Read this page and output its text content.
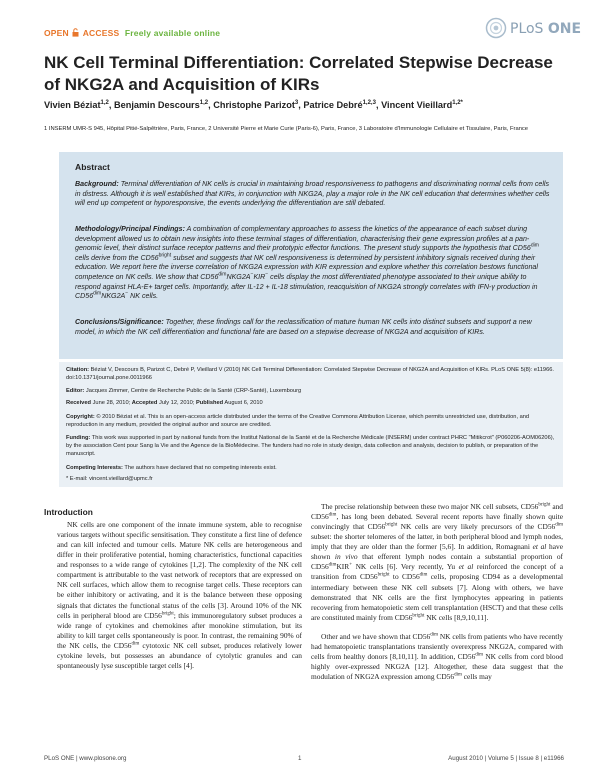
OPEN ACCESS Freely available online	PLoS ONE
NK Cell Terminal Differentiation: Correlated Stepwise Decrease of NKG2A and Acquisition of KIRs
Vivien Béziat$^{1,2}$, Benjamin Descours$^{1,2}$, Christophe Parizot$^3$, Patrice Debré$^{1,2,3}$, Vincent Vieillard$^{1,2*}$
1 INSERM UMR-S 945, Hôpital Pitié-Salpêtrière, Paris, France, 2 Université Pierre et Marie Curie (Paris-6), Paris, France, 3 Laboratoire d'Immunologie Cellulaire et Tissulaire, Paris, France
Abstract

Background: Terminal differentiation of NK cells is crucial in maintaining broad responsiveness to pathogens and discriminating normal cells from cells in distress. Although it is well established that KIRs, in conjunction with NKG2A, play a major role in the NK cell education that determines whether cells will end up competent or hyporesponsive, the events underlying the differentiation are still debated.

Methodology/Principal Findings: A combination of complementary approaches to assess the kinetics of the appearance of each subset during development allowed us to obtain new insights into these terminal stages of differentiation, characterising their gene expression profiles at a pan-genomic level, their distinct surface receptor patterns and their prototypic effector functions. The present study supports the hypothesis that $CD56^{dim}$ cells derive from the $CD56^{bright}$ subset and suggests that NK cell responsiveness is determined by persistent inhibitory signals received during their education. We report here the inverse correlation of NKG2A expression with KIR expression and explore whether this correlation bestows functional competence on NK cells. We show that $CD56^{dim}NKG2A^-KIR^-$ cells display the most differentiated phenotype associated to their unique ability to respond against HLA-E+ target cells. Importantly, after IL-12 + IL-18 stimulation, reacquisition of NKG2A strongly correlates with IFN-γ production in $CD56^{dim}NKG2A^-$ NK cells.

Conclusions/Significance: Together, these findings call for the reclassification of mature human NK cells into distinct subsets and support a new model, in which the NK cell differentiation and functional fate are based on a stepwise decrease of NKG2A and acquisition of KIRs.

Citation: Béziat V, Descours B, Parizot C, Debré P, Vieillard V (2010) NK Cell Terminal Differentiation: Correlated Stepwise Decrease of NKG2A and Acquisition of KIRs. PLoS ONE 5(8): e11966. doi:10.1371/journal.pone.0011966

Editor: Jacques Zimmer, Centre de Recherche Public de la Santé (CRP-Santé), Luxembourg

Received June 28, 2010; Accepted July 12, 2010; Published August 6, 2010

Copyright: © 2010 Béziat et al. This is an open-access article distributed under the terms of the Creative Commons Attribution License, which permits unrestricted use, distribution, and reproduction in any medium, provided the original author and source are credited.

Funding: This work was supported in part by national funds from the Institut National de la Santé et de la Recherche Médicale (INSERM) under contract PHRC "Mitikcrot" (P060206-AOM06206), by the association Cent pour Sang la Vie and the Agence de la BioMédecine. The funders had no role in study design, data collection and analysis, decision to publish, or preparation of the manuscript.

Competing Interests: The authors have declared that no competing interests exist.

* E-mail: vincent.vieillard@upmc.fr

Introduction

NK cells are one component of the innate immune system, able to recognise various targets without specific sensitisation. They constitute a first line of defence and can kill infected and tumour cells. Mature NK cells are heterogeneous and differ in their proliferative potential, homing characteristics, functional capacities and responses to a wide range of cytokines [1,2]. The complexity of the NK cell compartment is attributable to the vast network of receptors that are expressed on NK cell surfaces, which allow them to recognise target cells. These receptors can be either inhibitory or activating, and it is the balance between these opposing signals that dictates the functional status of the cells [3]. Around 10% of the NK cells in peripheral blood are $CD56^{bright}$; this immunoregulatory subset produces a wide range of cytokines and chemokines after monokine stimulation, but its ability to kill target cells spontaneously is poor. In contrast, the remaining 90% of the NK cells, the $CD56^{dim}$ cytotoxic NK cell subset, produces relatively lower cytokine levels, but possesses an abundance of cytolytic granules and can spontaneously lyse susceptible target cells [4].

The precise relationship between these two major NK cell subsets, $CD56^{bright}$ and $CD56^{dim}$, has long been debated. Several recent reports have finally shown quite convincingly that $CD56^{bright}$ NK cells are very likely precursors of the $CD56^{dim}$ subset: the shorter telomeres of the latter, in both peripheral blood and lymph nodes, imply that they are older than the former [5,6]. In addition, Romagnani et al have shown in vivo that efferent lymph nodes contain a substantial proportion of $CD56^{dim}KIR^+$ NK cells [6]. Very recently, Yu et al reinforced the concept of a transition from $CD56^{bright}$ to $CD56^{dim}$ cells, proposing CD94 as a developmental intermediary between these NK cell subsets [7]. Along with others, we have demonstrated that NK cells are the first lymphocytes appearing in patients recovering from hematopoietic stem cell transplantation (HSCT) and that these cells are constituted mainly from $CD56^{bright}$ NK cells [8,9,10,11].

Other and we have shown that $CD56^{dim}$ NK cells from patients who have recently had hematopoietic transplantations transiently overexpress NKG2A, compared with cells from healthy donors [8,10,11]. In addition, $CD56^{dim}$ NK cells from cord blood highly over-expressed NKG2A [12]. Altogether, these data suggest that the modulation of NKG2A expression among $CD56^{dim}$ cells may

PLoS ONE | www.plosone.org	1	August 2010 | Volume 5 | Issue 8 | e11966
